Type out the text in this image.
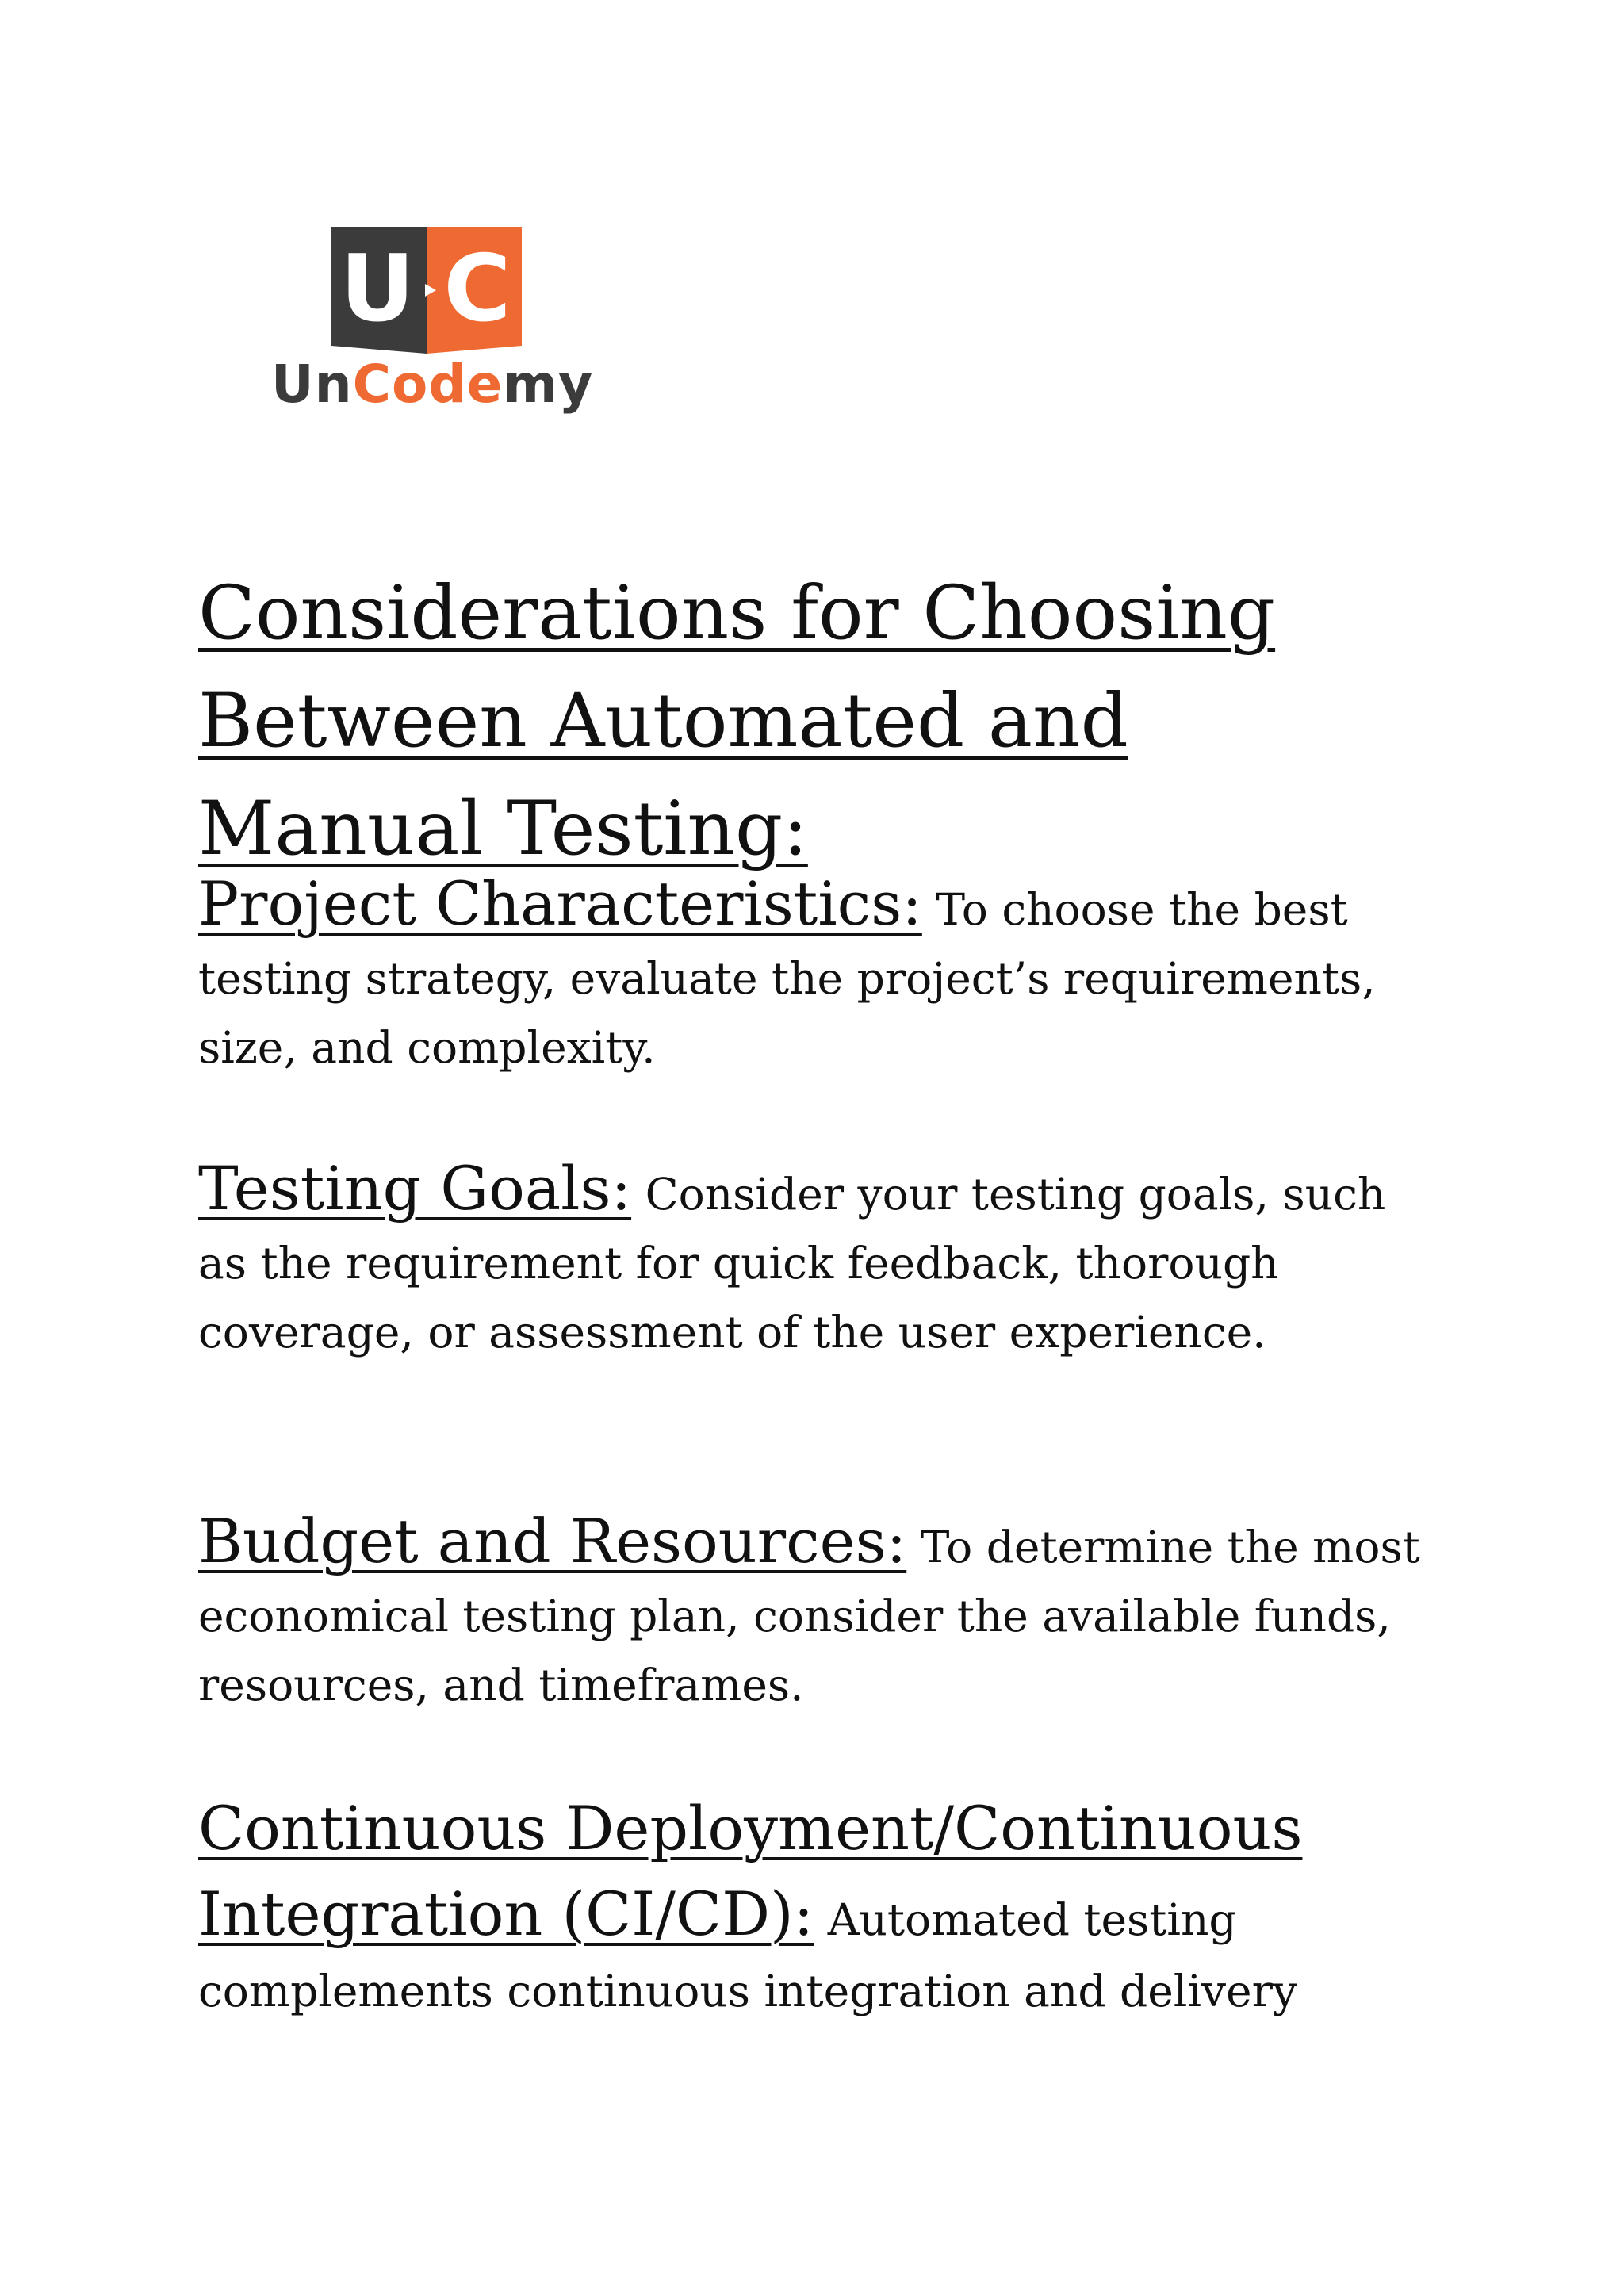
U C
UnCodemy
Considerations for Choosing Between Automated and Manual Testing:

Project Characteristics: To choose the best testing strategy, evaluate the project’s requirements, size, and complexity.

Testing Goals: Consider your testing goals, such as the requirement for quick feedback, thorough coverage, or assessment of the user experience.

Budget and Resources: To determine the most economical testing plan, consider the available funds, resources, and timeframes.

Continuous Deployment/Continuous Integration (CI/CD): Automated testing complements continuous integration and delivery
